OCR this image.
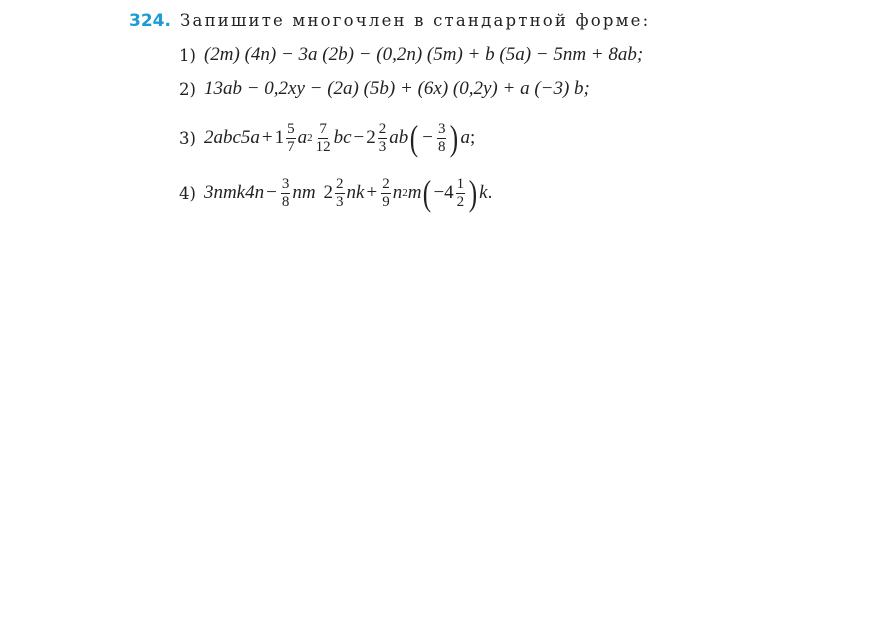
324. Запишите многочлен в стандартной форме:
1) (2m) (4n) − 3a (2b) − (0,2n) (5m) + b (5a) − 5nm + 8ab;
2) 13ab − 0,2xy − (2a) (5b) + (6x) (0,2y) + a (−3) b;
3) $2abc5a + 1 \frac{5}{7}$ a $2 \frac{7}{12}$ bc − $2 \frac{2}{3}$ ab ( − $\frac{3}{8}$ ) a ;
4) $3nmk4n - \frac{3}{8}$ nm $2 \frac{2}{3}$ nk + $\frac{2}{9}$ n 2 m ( $-4 \frac{1}{2}$ ) k .
